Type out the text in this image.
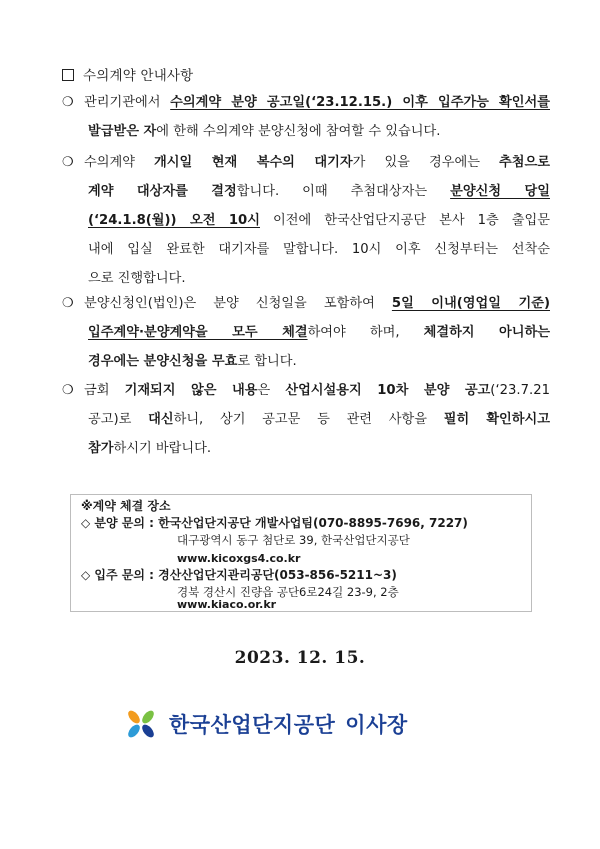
수의계약 안내사항
❍ 관리기관에서 수의계약 분양 공고일(‘23.12.15.) 이후 입주가능 확인서를
발급받은 자에 한해 수의계약 분양신청에 참여할 수 있습니다.
❍ 수의계약 개시일 현재 복수의 대기자가 있을 경우에는 추첨으로
계약 대상자를 결정합니다. 이때 추첨대상자는 분양신청 당일
(‘24.1.8(월)) 오전 10시 이전에 한국산업단지공단 본사 1층 출입문
내에 입실 완료한 대기자를 말합니다. 10시 이후 신청부터는 선착순
으로 진행합니다.
❍ 분양신청인(법인)은 분양 신청일을 포함하여 5일 이내(영업일 기준)
입주계약·분양계약을 모두 체결하여야 하며, 체결하지 아니하는
경우에는 분양신청을 무효로 합니다.
❍ 금회 기재되지 않은 내용은 산업시설용지 10차 분양 공고(‘23.7.21
공고)로 대신하니, 상기 공고문 등 관련 사항을 필히 확인하시고
참가하시기 바랍니다.
※계약 체결 장소
◇ 분양 문의 : 한국산업단지공단 개발사업팀(070-8895-7696, 7227)
대구광역시 동구 첨단로 39, 한국산업단지공단
www.kicoxgs4.co.kr
◇ 입주 문의 : 경산산업단지관리공단(053-856-5211~3)
경북 경산시 진량읍 공단6로24길 23-9, 2층
www.kiaco.or.kr
2023. 12. 15.
한국산업단지공단 이사장
